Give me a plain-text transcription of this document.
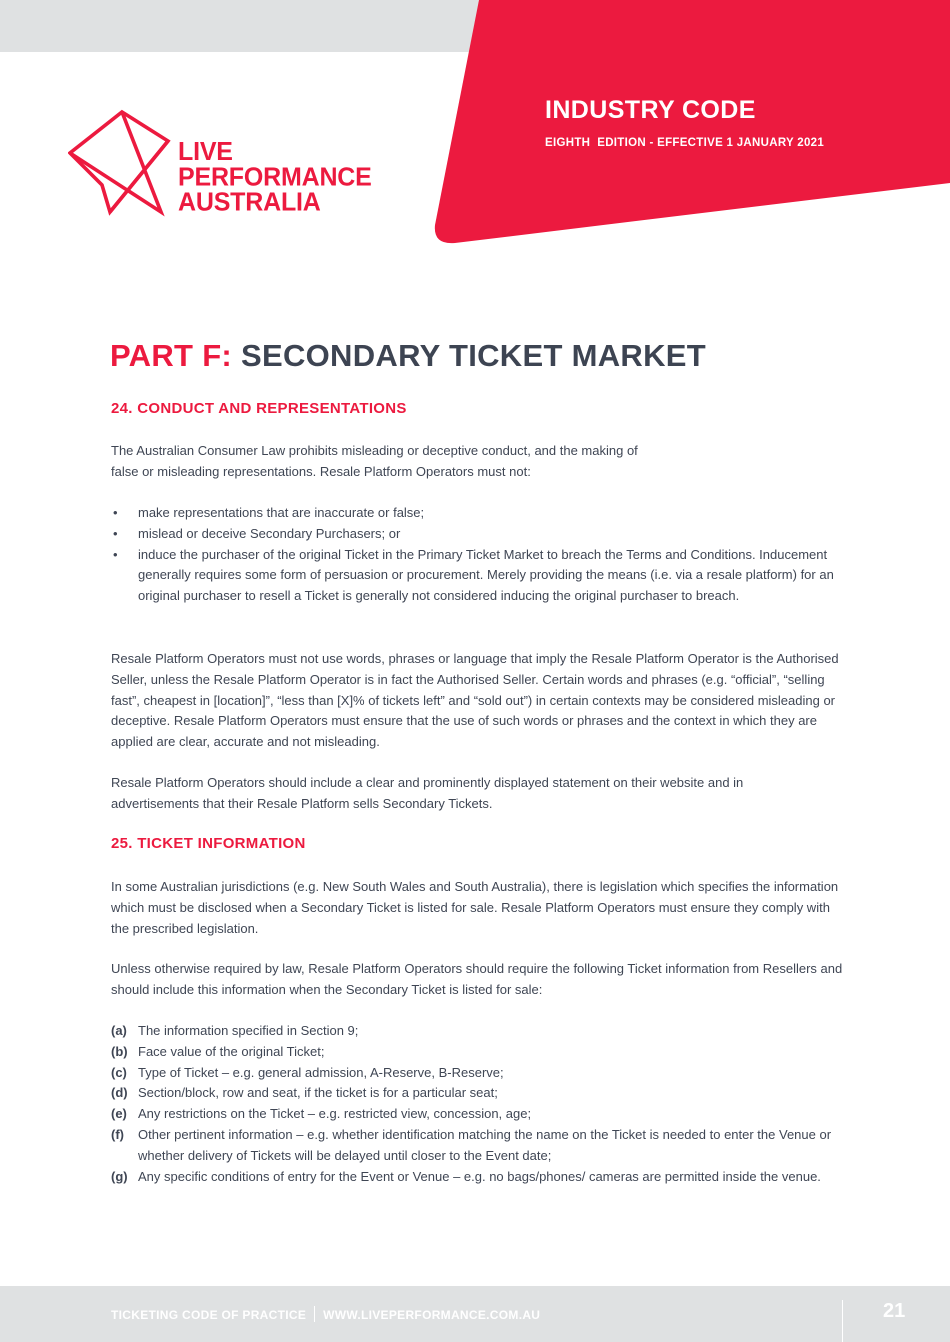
LIVE
PERFORMANCE
AUSTRALIA
INDUSTRY CODE
EIGHTH  EDITION - EFFECTIVE 1 JANUARY 2021
PART F: SECONDARY TICKET MARKET
24. CONDUCT AND REPRESENTATIONS

The Australian Consumer Law prohibits misleading or deceptive conduct, and the making of
false or misleading representations. Resale Platform Operators must not:

• make representations that are inaccurate or false;
• mislead or deceive Secondary Purchasers; or
• induce the purchaser of the original Ticket in the Primary Ticket Market to breach the Terms and Conditions. Inducement generally requires some form of persuasion or procurement. Merely providing the means (i.e. via a resale platform) for an original purchaser to resell a Ticket is generally not considered inducing the original purchaser to breach.

Resale Platform Operators must not use words, phrases or language that imply the Resale Platform Operator is the Authorised Seller, unless the Resale Platform Operator is in fact the Authorised Seller. Certain words and phrases (e.g. “official”, “selling fast”, cheapest in [location]”, “less than [X]% of tickets left” and “sold out”) in certain contexts may be considered misleading or deceptive. Resale Platform Operators must ensure that the use of such words or phrases and the context in which they are applied are clear, accurate and not misleading.

Resale Platform Operators should include a clear and prominently displayed statement on their website and in advertisements that their Resale Platform sells Secondary Tickets.

25. TICKET INFORMATION

In some Australian jurisdictions (e.g. New South Wales and South Australia), there is legislation which specifies the information which must be disclosed when a Secondary Ticket is listed for sale. Resale Platform Operators must ensure they comply with the prescribed legislation.

Unless otherwise required by law, Resale Platform Operators should require the following Ticket information from Resellers and should include this information when the Secondary Ticket is listed for sale:

(a) The information specified in Section 9;
(b) Face value of the original Ticket;
(c) Type of Ticket – e.g. general admission, A-Reserve, B-Reserve;
(d) Section/block, row and seat, if the ticket is for a particular seat;
(e) Any restrictions on the Ticket – e.g. restricted view, concession, age;
(f) Other pertinent information – e.g. whether identification matching the name on the Ticket is needed to enter the Venue or whether delivery of Tickets will be delayed until closer to the Event date;
(g) Any specific conditions of entry for the Event or Venue – e.g. no bags/phones/ cameras are permitted inside the venue.
TICKETING CODE OF PRACTICE WWW.LIVEPERFORMANCE.COM.AU	21
